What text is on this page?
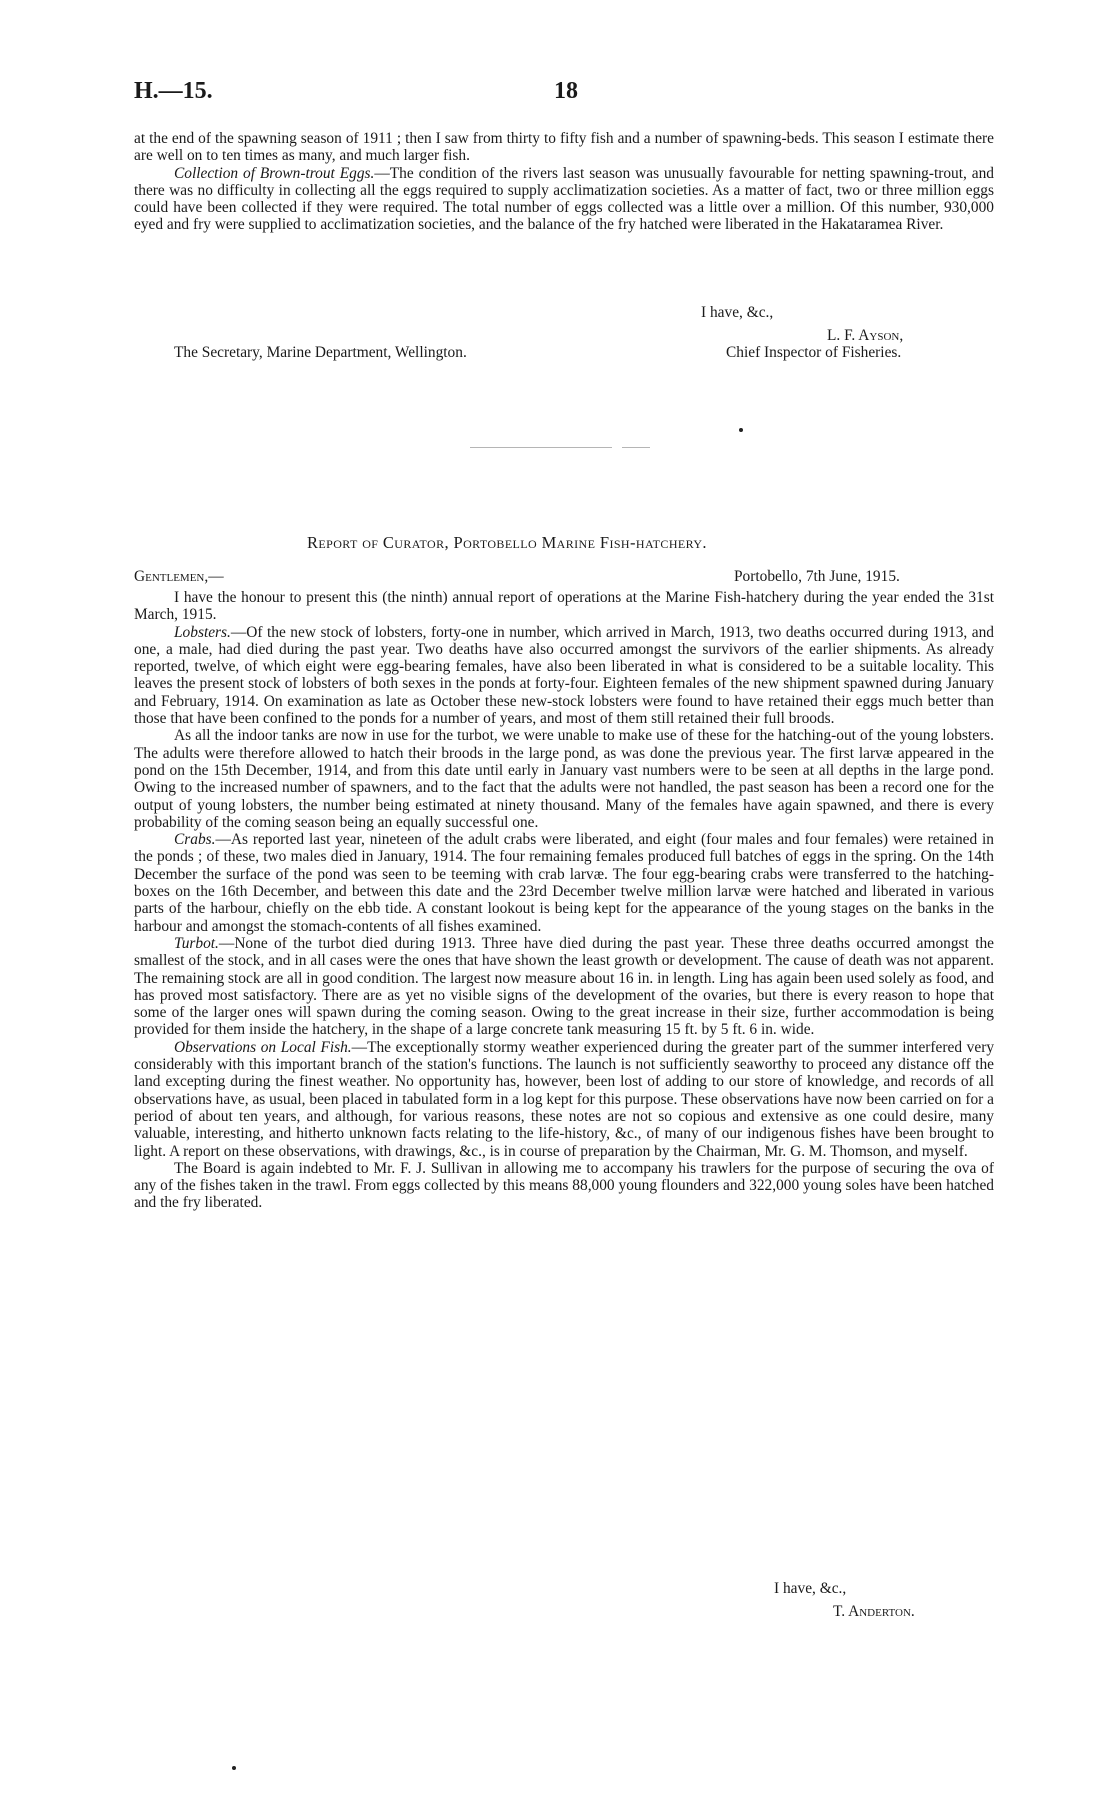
H.—15.	18

at the end of the spawning season of 1911 ; then I saw from thirty to fifty fish and a number of spawning-beds. This season I estimate there are well on to ten times as many, and much larger fish.

Collection of Brown-trout Eggs.—The condition of the rivers last season was unusually favourable for netting spawning-trout, and there was no difficulty in collecting all the eggs required to supply acclimatization societies. As a matter of fact, two or three million eggs could have been collected if they were required. The total number of eggs collected was a little over a million. Of this number, 930,000 eyed and fry were supplied to acclimatization societies, and the balance of the fry hatched were liberated in the Hakataramea River.

I have, &c.,
L. F. Ayson,
The Secretary, Marine Department, Wellington.	Chief Inspector of Fisheries.
Report of Curator, Portobello Marine Fish-hatchery.
Gentlemen,—	Portobello, 7th June, 1915.

I have the honour to present this (the ninth) annual report of operations at the Marine Fish-hatchery during the year ended the 31st March, 1915.

Lobsters.—Of the new stock of lobsters, forty-one in number, which arrived in March, 1913, two deaths occurred during 1913, and one, a male, had died during the past year. Two deaths have also occurred amongst the survivors of the earlier shipments. As already reported, twelve, of which eight were egg-bearing females, have also been liberated in what is considered to be a suitable locality. This leaves the present stock of lobsters of both sexes in the ponds at forty-four. Eighteen females of the new shipment spawned during January and February, 1914. On examination as late as October these new-stock lobsters were found to have retained their eggs much better than those that have been confined to the ponds for a number of years, and most of them still retained their full broods.

As all the indoor tanks are now in use for the turbot, we were unable to make use of these for the hatching-out of the young lobsters. The adults were therefore allowed to hatch their broods in the large pond, as was done the previous year. The first larvæ appeared in the pond on the 15th December, 1914, and from this date until early in January vast numbers were to be seen at all depths in the large pond. Owing to the increased number of spawners, and to the fact that the adults were not handled, the past season has been a record one for the output of young lobsters, the number being estimated at ninety thousand. Many of the females have again spawned, and there is every probability of the coming season being an equally successful one.

Crabs.—As reported last year, nineteen of the adult crabs were liberated, and eight (four males and four females) were retained in the ponds ; of these, two males died in January, 1914. The four remaining females produced full batches of eggs in the spring. On the 14th December the surface of the pond was seen to be teeming with crab larvæ. The four egg-bearing crabs were transferred to the hatching-boxes on the 16th December, and between this date and the 23rd December twelve million larvæ were hatched and liberated in various parts of the harbour, chiefly on the ebb tide. A constant lookout is being kept for the appearance of the young stages on the banks in the harbour and amongst the stomach-contents of all fishes examined.

Turbot.—None of the turbot died during 1913. Three have died during the past year. These three deaths occurred amongst the smallest of the stock, and in all cases were the ones that have shown the least growth or development. The cause of death was not apparent. The remaining stock are all in good condition. The largest now measure about 16 in. in length. Ling has again been used solely as food, and has proved most satisfactory. There are as yet no visible signs of the development of the ovaries, but there is every reason to hope that some of the larger ones will spawn during the coming season. Owing to the great increase in their size, further accommodation is being provided for them inside the hatchery, in the shape of a large concrete tank measuring 15 ft. by 5 ft. 6 in. wide.

Observations on Local Fish.—The exceptionally stormy weather experienced during the greater part of the summer interfered very considerably with this important branch of the station's functions. The launch is not sufficiently seaworthy to proceed any distance off the land excepting during the finest weather. No opportunity has, however, been lost of adding to our store of knowledge, and records of all observations have, as usual, been placed in tabulated form in a log kept for this purpose. These observations have now been carried on for a period of about ten years, and although, for various reasons, these notes are not so copious and extensive as one could desire, many valuable, interesting, and hitherto unknown facts relating to the life-history, &c., of many of our indigenous fishes have been brought to light. A report on these observations, with drawings, &c., is in course of preparation by the Chairman, Mr. G. M. Thomson, and myself.

The Board is again indebted to Mr. F. J. Sullivan in allowing me to accompany his trawlers for the purpose of securing the ova of any of the fishes taken in the trawl. From eggs collected by this means 88,000 young flounders and 322,000 young soles have been hatched and the fry liberated.

I have, &c.,
T. Anderton.
